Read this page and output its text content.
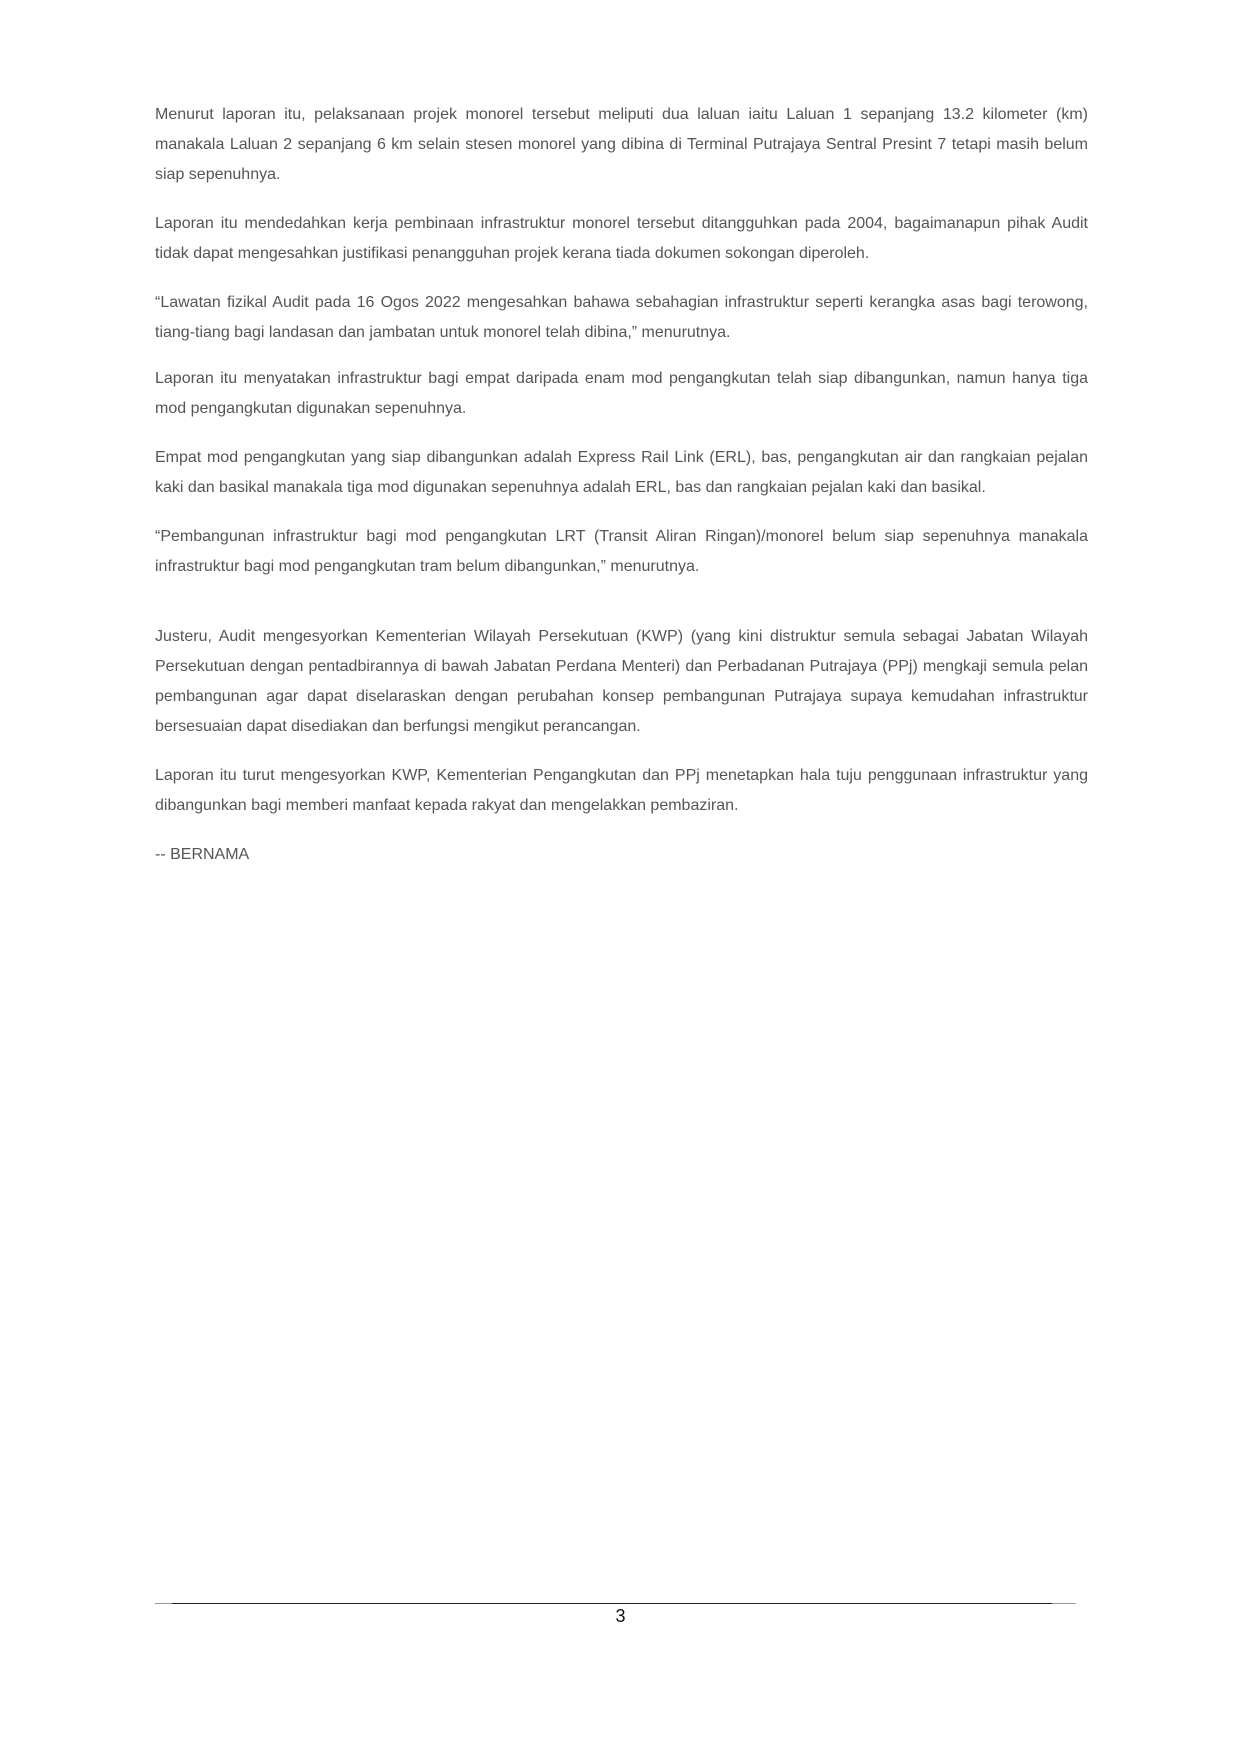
Menurut laporan itu, pelaksanaan projek monorel tersebut meliputi dua laluan iaitu Laluan 1 sepanjang 13.2 kilometer (km) manakala Laluan 2 sepanjang 6 km selain stesen monorel yang dibina di Terminal Putrajaya Sentral Presint 7 tetapi masih belum siap sepenuhnya.

Laporan itu mendedahkan kerja pembinaan infrastruktur monorel tersebut ditangguhkan pada 2004, bagaimanapun pihak Audit tidak dapat mengesahkan justifikasi penangguhan projek kerana tiada dokumen sokongan diperoleh.

“Lawatan fizikal Audit pada 16 Ogos 2022 mengesahkan bahawa sebahagian infrastruktur seperti kerangka asas bagi terowong, tiang-tiang bagi landasan dan jambatan untuk monorel telah dibina,” menurutnya.

Laporan itu menyatakan infrastruktur bagi empat daripada enam mod pengangkutan telah siap dibangunkan, namun hanya tiga mod pengangkutan digunakan sepenuhnya.

Empat mod pengangkutan yang siap dibangunkan adalah Express Rail Link (ERL), bas, pengangkutan air dan rangkaian pejalan kaki dan basikal manakala tiga mod digunakan sepenuhnya adalah ERL, bas dan rangkaian pejalan kaki dan basikal.

“Pembangunan infrastruktur bagi mod pengangkutan LRT (Transit Aliran Ringan)/monorel belum siap sepenuhnya manakala infrastruktur bagi mod pengangkutan tram belum dibangunkan,” menurutnya.

Justeru, Audit mengesyorkan Kementerian Wilayah Persekutuan (KWP) (yang kini distruktur semula sebagai Jabatan Wilayah Persekutuan dengan pentadbirannya di bawah Jabatan Perdana Menteri) dan Perbadanan Putrajaya (PPj) mengkaji semula pelan pembangunan agar dapat diselaraskan dengan perubahan konsep pembangunan Putrajaya supaya kemudahan infrastruktur bersesuaian dapat disediakan dan berfungsi mengikut perancangan.

Laporan itu turut mengesyorkan KWP, Kementerian Pengangkutan dan PPj menetapkan hala tuju penggunaan infrastruktur yang dibangunkan bagi memberi manfaat kepada rakyat dan mengelakkan pembaziran.

-- BERNAMA

3
